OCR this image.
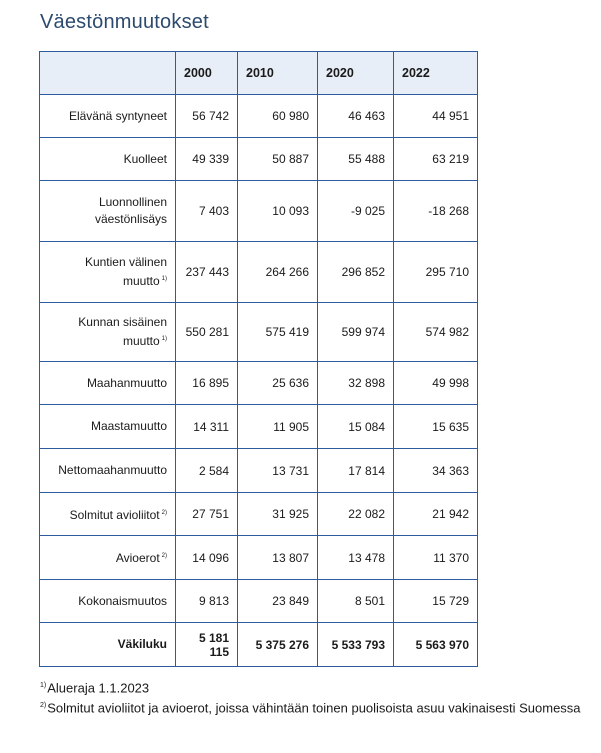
Väestönmuutokset
	2000	2010	2020	2022
Elävänä syntyneet	56 742	60 980	46 463	44 951
Kuolleet	49 339	50 887	55 488	63 219
Luonnollinen väestönlisäys	7 403	10 093	-9 025	-18 268
Kuntien välinen muutto $^{1)}$	237 443	264 266	296 852	295 710
Kunnan sisäinen muutto $^{1)}$	550 281	575 419	599 974	574 982
Maahanmuutto	16 895	25 636	32 898	49 998
Maastamuutto	14 311	11 905	15 084	15 635
Nettomaahanmuutto	2 584	13 731	17 814	34 363
Solmitut avioliitot $^{2)}$	27 751	31 925	22 082	21 942
Avioerot $^{2)}$	14 096	13 807	13 478	11 370
Kokonaismuutos	9 813	23 849	8 501	15 729
Väkiluku	5 181 115	5 375 276	5 533 793	5 563 970
$^{1)}$Alueraja 1.1.2023
$^{2)}$Solmitut avioliitot ja avioerot, joissa vähintään toinen puolisoista asuu vakinaisesti Suomessa
